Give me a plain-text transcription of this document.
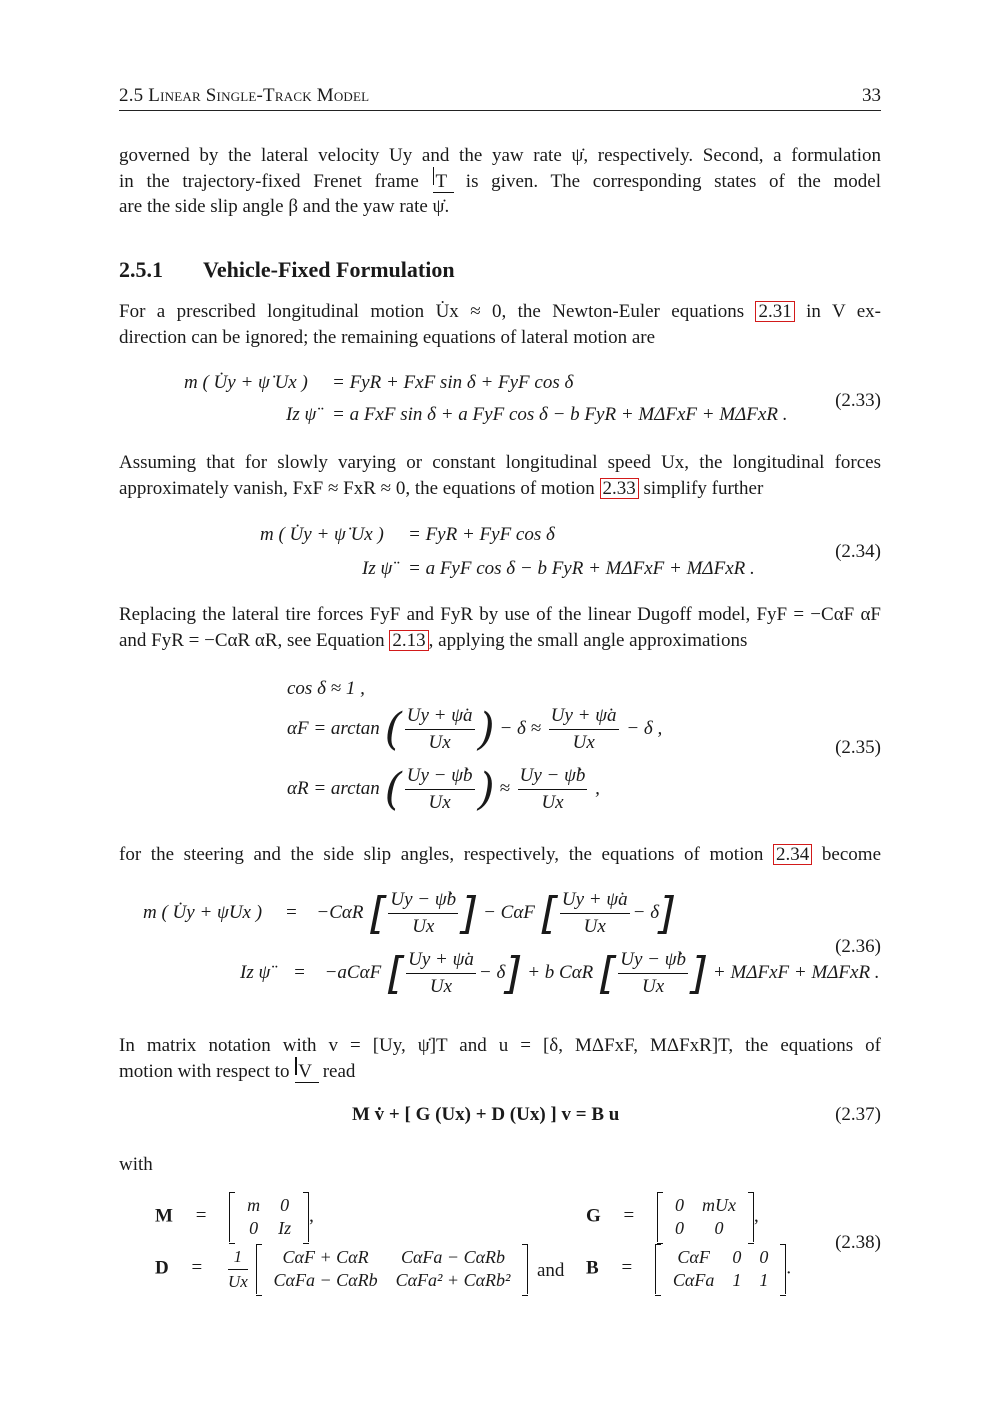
2.5 Linear Single-Track Model	33
governed by the lateral velocity Uy and the yaw rate ψ̇, respectively. Second, a formulation
in the trajectory-fixed Frenet frame T is given. The corresponding states of the model
are the side slip angle β and the yaw rate ψ̇.
2.5.1 Vehicle-Fixed Formulation
For a prescribed longitudinal motion U̇x ≈ 0, the Newton-Euler equations 2.31 in V ex-
direction can be ignored; the remaining equations of lateral motion are
m ( U̇y + ψ̇ Ux ) = FyR + FxF sin δ + FyF cos δ
Iz ψ̈ = a FxF sin δ + a FyF cos δ − b FyR + MΔFxF + MΔFxR .
(2.33)
Assuming that for slowly varying or constant longitudinal speed Ux, the longitudinal forces
approximately vanish, FxF ≈ FxR ≈ 0, the equations of motion 2.33 simplify further
m ( U̇y + ψ̇ Ux ) = FyR + FyF cos δ
Iz ψ̈ = a FyF cos δ − b FyR + MΔFxF + MΔFxR .
(2.34)
Replacing the lateral tire forces FyF and FyR by use of the linear Dugoff model, FyF = −CαF αF
and FyR = −CαR αR, see Equation 2.13 , applying the small angle approximations
cos δ ≈ 1 ,
αF = arctan ( $\frac{Uy + \psi̇a}{Ux}$ ) − $\delta \approx \frac{Uy + \psi̇a}{Ux} - \delta$ ,
αR = arctan ( $\frac{Uy - \psi̇b}{Ux}$ ) ≈ $\frac{Uy - \psi̇b}{Ux}$ ,
(2.35)
for the steering and the side slip angles, respectively, the equations of motion 2.34 become
m ( U̇y + ψ̇Ux ) = −CαR [ $\frac{Uy - \psi̇b}{Ux}$ ] − CαF [ $\frac{Uy + \psi̇a}{Ux} - \delta$]
Iz ψ̈ = −aCαF [ $\frac{Uy + \psi̇a}{Ux} - \delta] + b$ CαR [ $\frac{Uy - \psi̇b}{Ux}$ ] + MΔFxF + MΔFxR .
(2.36)
In matrix notation with v = [Uy, ψ̇]T and u = [δ, MΔFxF, MΔFxR]T, the equations of
motion with respect to V read
M v̇ + [ G (Ux) + D (Ux) ] v = B u	(2.37)
with
M =
m	0
0	Iz
,	G =
0	mUx
0	0
,
$D = \frac{1}{Ux}$
CαF + CαR	CαFa − CαRb
CαFa − CαRb	CαFa² + CαRb² and B =
CαF	0	0
CαFa	1	1
.
(2.38)
